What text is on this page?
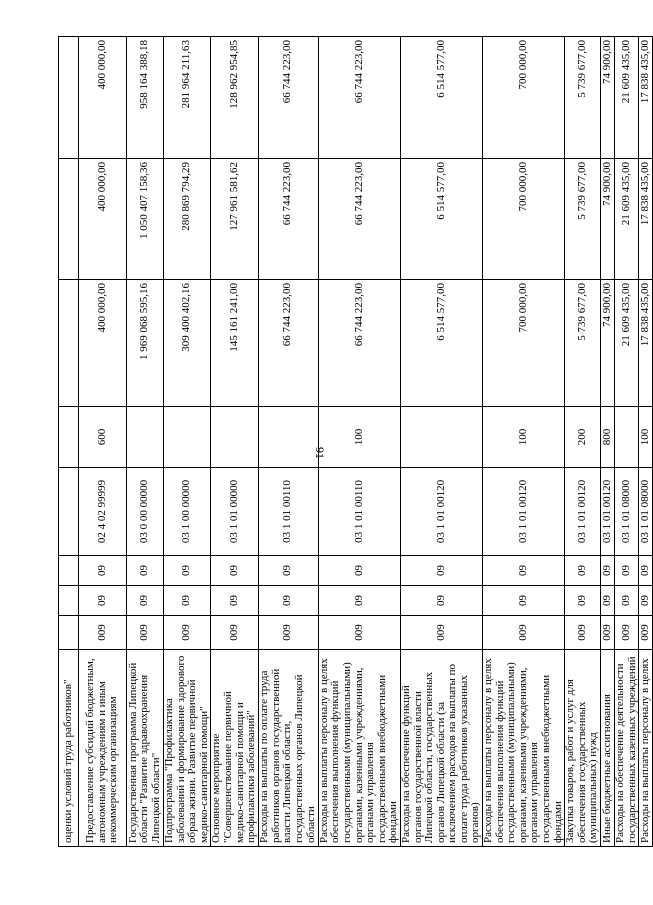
91
оценки условий труда работников"								
Предоставление субсидий бюджетным, автономным учреждениям и иным некоммерческим организациям	009	09	09	02 4 02 99999	600	400 000,00	400 000,00	400 000,00
Государственная программа Липецкой области "Развитие здравоохранения Липецкой области"	009	09	09	03 0 00 00000		1 969 068 595,16	1 050 407 158,36	958 164 388,18
Подпрограмма "Профилактика заболеваний и формирование здорового образа жизни. Развитие первичной медико-санитарной помощи"	009	09	09	03 1 00 00000		309 400 402,16	280 869 794,29	281 964 211,63
Основное мероприятие "Совершенствование первичной медико-санитарной помощи и профилактики заболеваний"	009	09	09	03 1 01 00000		145 161 241,00	127 961 581,62	128 962 954,85
Расходы на выплаты по оплате труда работников органов государственной власти Липецкой области, государственных органов Липецкой области	009	09	09	03 1 01 00110		66 744 223,00	66 744 223,00	66 744 223,00
Расходы на выплаты персоналу в целях обеспечения выполнения функций государственными (муниципальными) органами, казенными учреждениями, органами управления государственными внебюджетными фондами	009	09	09	03 1 01 00110	100	66 744 223,00	66 744 223,00	66 744 223,00
Расходы на обеспечение функций органов государственной власти Липецкой области, государственных органов Липецкой области (за исключением расходов на выплаты по оплате труда работников указанных органов)	009	09	09	03 1 01 00120		6 514 577,00	6 514 577,00	6 514 577,00
Расходы на выплаты персоналу в целях обеспечения выполнения функций государственными (муниципальными) органами, казенными учреждениями, органами управления государственными внебюджетными фондами	009	09	09	03 1 01 00120	100	700 000,00	700 000,00	700 000,00
Закупка товаров, работ и услуг для обеспечения государственных (муниципальных) нужд	009	09	09	03 1 01 00120	200	5 739 677,00	5 739 677,00	5 739 677,00
Иные бюджетные ассигнования	009	09	09	03 1 01 00120	800	74 900,00	74 900,00	74 900,00
Расходы на обеспечение деятельности государственных казенных учреждений	009	09	09	03 1 01 08000		21 609 435,00	21 609 435,00	21 609 435,00
Расходы на выплаты персоналу в целях	009	09	09	03 1 01 08000	100	17 838 435,00	17 838 435,00	17 838 435,00
